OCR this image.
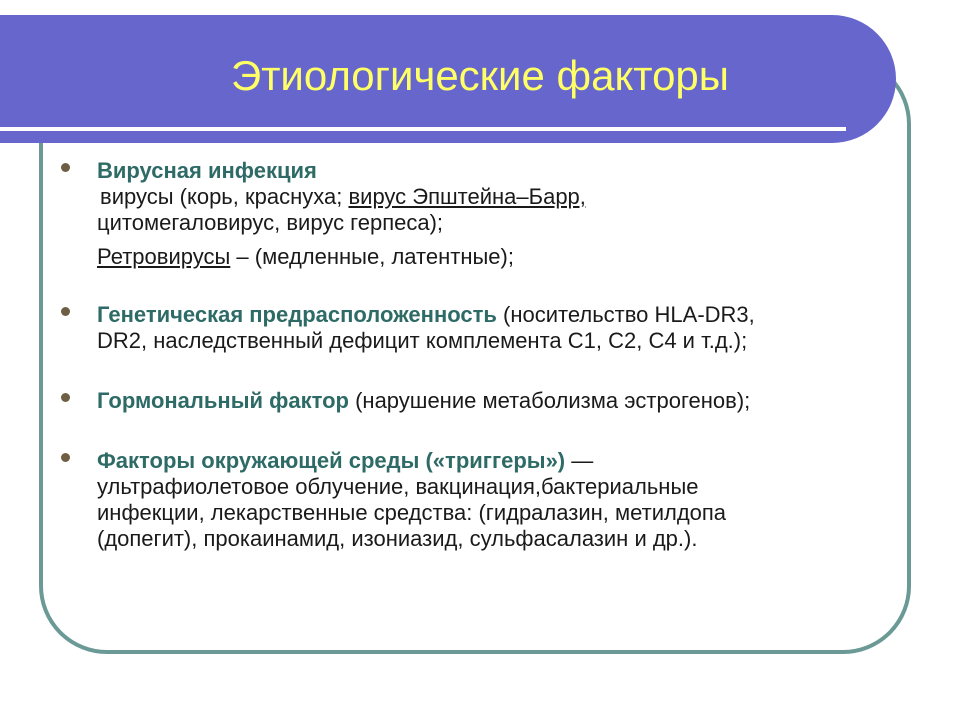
Этиологические факторы
Вирусная инфекция
вирусы (корь, краснуха; вирус Эпштейна–Барр,
цитомегаловирус, вирус герпеса);
Ретровирусы – (медленные, латентные);
Генетическая предрасположенность (носительство HLA-DR3,
DR2, наследственный дефицит комплемента C1, C2, C4 и т.д.);
Гормональный фактор (нарушение метаболизма эстрогенов);
Факторы окружающей среды («триггеры») —
ультрафиолетовое облучение, вакцинация,бактериальные
инфекции, лекарственные средства: (гидралазин, метилдопа
(допегит), прокаинамид, изониазид, сульфасалазин и др.).
